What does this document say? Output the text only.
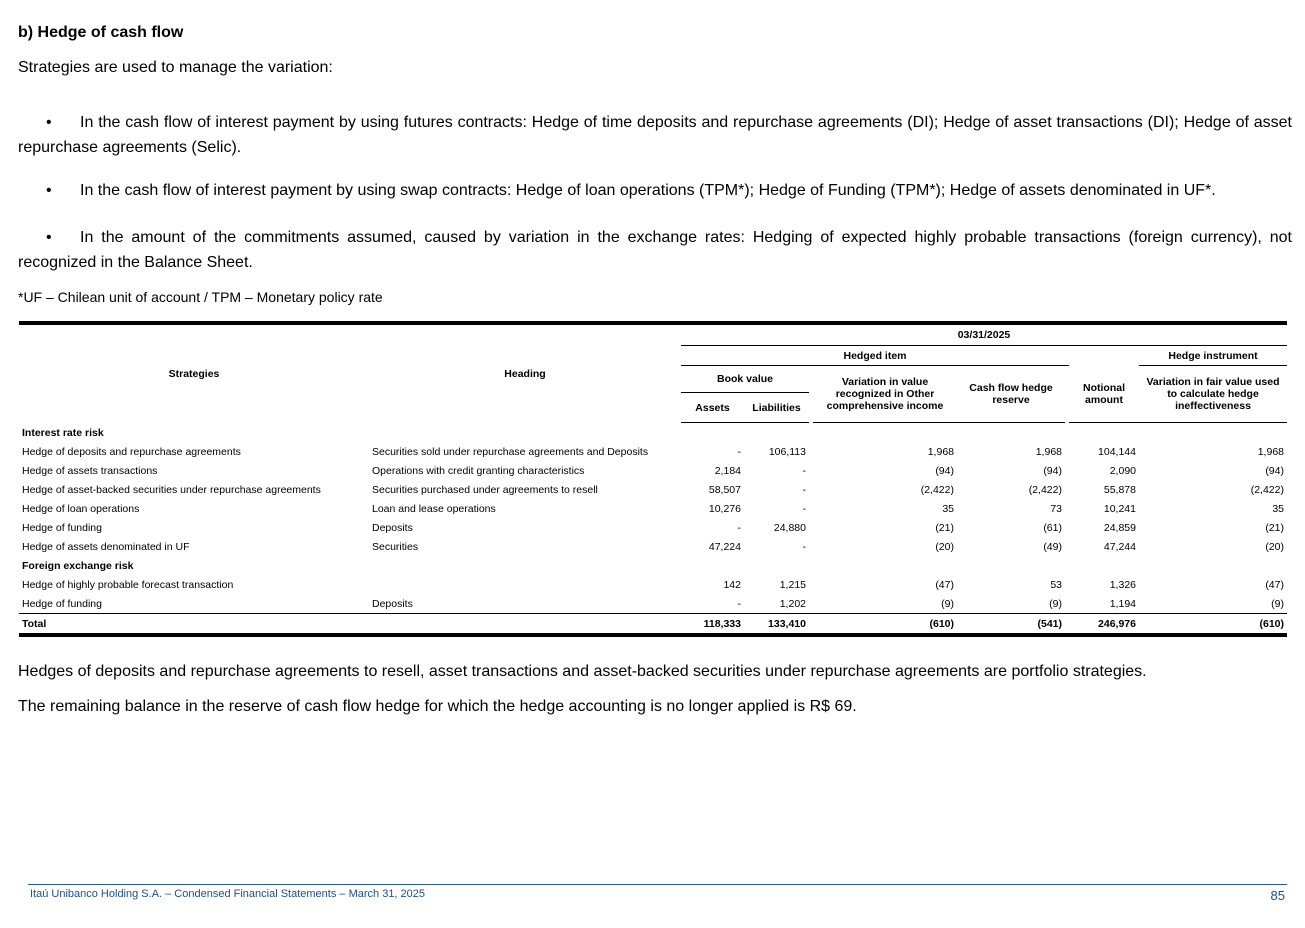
b) Hedge of cash flow
Strategies are used to manage the variation:
• In the cash flow of interest payment by using futures contracts: Hedge of time deposits and repurchase agreements (DI); Hedge of asset transactions (DI); Hedge of asset repurchase agreements (Selic).
• In the cash flow of interest payment by using swap contracts: Hedge of loan operations (TPM*); Hedge of Funding (TPM*); Hedge of assets denominated in UF*.
• In the amount of the commitments assumed, caused by variation in the exchange rates: Hedging of expected highly probable transactions (foreign currency), not recognized in the Balance Sheet.
*UF – Chilean unit of account / TPM – Monetary policy rate
Strategies	Heading	03/31/2025							
		Hedged item							Hedge instrument
		Book value			Variation in value recognized in Other comprehensive income	Cash flow hedge reserve		Notional amount	Variation in fair value used to calculate hedge ineffectiveness
		Assets	Liabilities						
Interest rate risk									
Hedge of deposits and repurchase agreements	Securities sold under repurchase agreements and Deposits	-	106,113		1,968	1,968		104,144	1,968
Hedge of assets transactions	Operations with credit granting characteristics	2,184	-		(94)	(94)		2,090	(94)
Hedge of asset-backed securities under repurchase agreements	Securities purchased under agreements to resell	58,507	-		(2,422)	(2,422)		55,878	(2,422)
Hedge of loan operations	Loan and lease operations	10,276	-		35	73		10,241	35
Hedge of funding	Deposits	-	24,880		(21)	(61)		24,859	(21)
Hedge of assets denominated in UF	Securities	47,224	-		(20)	(49)		47,244	(20)
Foreign exchange risk									
Hedge of highly probable forecast transaction		142	1,215		(47)	53		1,326	(47)
Hedge of funding	Deposits	-	1,202		(9)	(9)		1,194	(9)
Total		118,333	133,410		(610)	(541)		246,976	(610)
Hedges of deposits and repurchase agreements to resell, asset transactions and asset-backed securities under repurchase agreements are portfolio strategies.
The remaining balance in the reserve of cash flow hedge for which the hedge accounting is no longer applied is R$ 69.
Itaú Unibanco Holding S.A. – Condensed Financial Statements – March 31, 2025	85
